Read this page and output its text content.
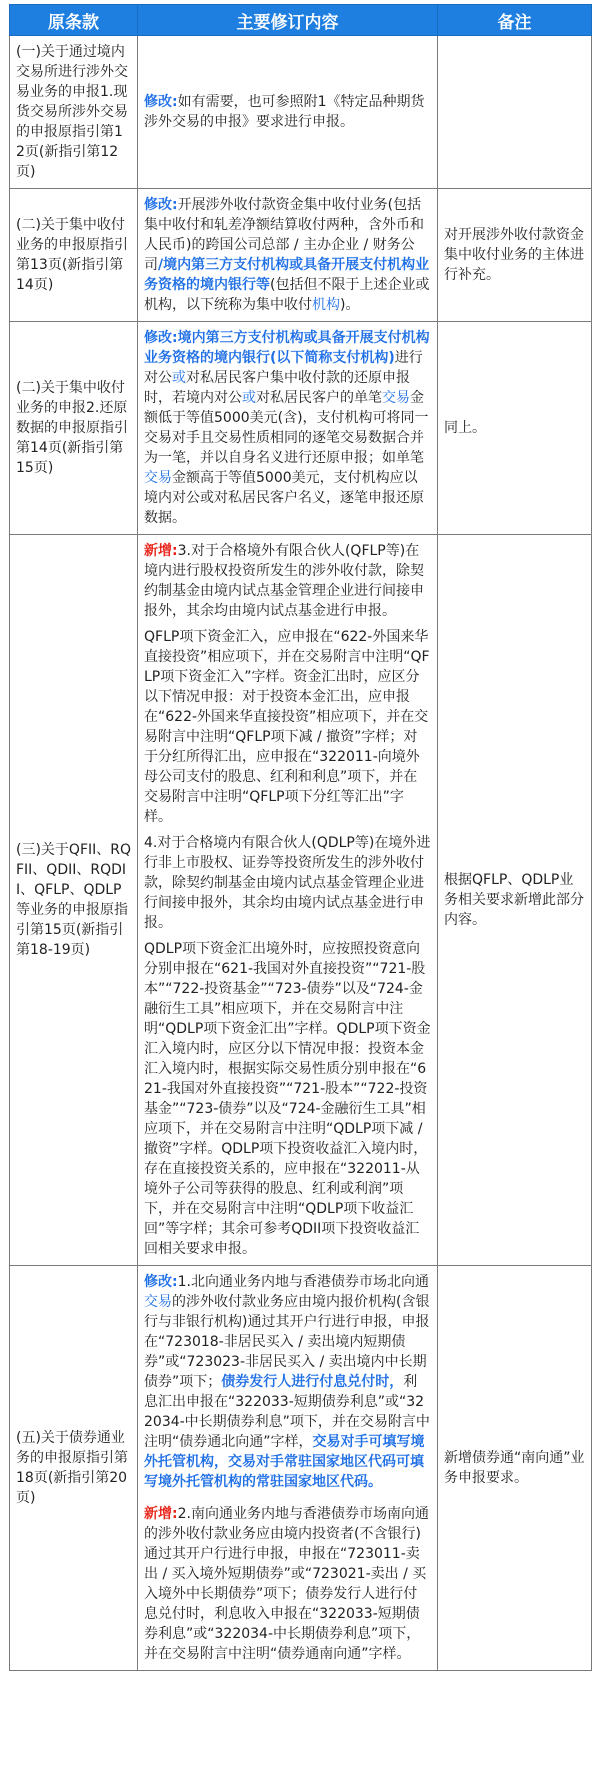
原条款	主要修订内容	备注
(一)关于通过境内交易所进行涉外交易业务的申报1.现货交易所涉外交易的申报原指引第12页(新指引第12页)	修改:如有需要，也可参照附1《特定品种期货涉外交易的申报》要求进行申报。	
(二)关于集中收付业务的申报原指引第13页(新指引第14页)	修改:开展涉外收付款资金集中收付业务(包括集中收付和轧差净额结算收付两种，含外币和人民币)的跨国公司总部 / 主办企业 / 财务公司/境内第三方支付机构或具备开展支付机构业务资格的境内银行等(包括但不限于上述企业或机构，以下统称为集中收付机构)。	对开展涉外收付款资金集中收付业务的主体进行补充。
(二)关于集中收付业务的申报2.还原数据的申报原指引第14页(新指引第15页)	修改:境内第三方支付机构或具备开展支付机构业务资格的境内银行(以下简称支付机构)进行对公或对私居民客户集中收付款的还原申报时，若境内对公或对私居民客户的单笔交易金额低于等值5000美元(含)，支付机构可将同一交易对手且交易性质相同的逐笔交易数据合并为一笔，并以自身名义进行还原申报；如单笔交易金额高于等值5000美元，支付机构应以境内对公或对私居民客户名义，逐笔申报还原数据。	同上。
(三)关于QFII、RQFII、QDII、RQDII、QFLP、QDLP等业务的申报原指引第15页(新指引第18-19页)	新增:3.对于合格境外有限合伙人(QFLP等)在境内进行股权投资所发生的涉外收付款，除契约制基金由境内试点基金管理企业进行间接申报外，其余均由境内试点基金进行申报。

QFLP项下资金汇入，应申报在“622-外国来华直接投资”相应项下，并在交易附言中注明“QFLP项下资金汇入”字样。资金汇出时，应区分以下情况申报：对于投资本金汇出，应申报在“622-外国来华直接投资”相应项下，并在交易附言中注明“QFLP项下减 / 撤资”字样；对于分红所得汇出，应申报在“322011-向境外母公司支付的股息、红利和利息”项下，并在交易附言中注明“QFLP项下分红等汇出”字样。

4.对于合格境内有限合伙人(QDLP等)在境外进行非上市股权、证券等投资所发生的涉外收付款，除契约制基金由境内试点基金管理企业进行间接申报外，其余均由境内试点基金进行申报。

QDLP项下资金汇出境外时，应按照投资意向分别申报在“621-我国对外直接投资”“721-股本”“722-投资基金”“723-债券”以及“724-金融衍生工具”相应项下，并在交易附言中注明“QDLP项下资金汇出”字样。QDLP项下资金汇入境内时，应区分以下情况申报：投资本金汇入境内时，根据实际交易性质分别申报在“621-我国对外直接投资”“721-股本”“722-投资基金”“723-债券”以及“724-金融衍生工具”相应项下，并在交易附言中注明“QDLP项下减 / 撤资”字样。QDLP项下投资收益汇入境内时，存在直接投资关系的，应申报在“322011-从境外子公司等获得的股息、红利或利润”项下，并在交易附言中注明“QDLP项下收益汇回”等字样；其余可参考QDII项下投资收益汇回相关要求申报。	根据QFLP、QDLP业务相关要求新增此部分内容。
(五)关于债券通业务的申报原指引第18页(新指引第20页)	修改:1.北向通业务内地与香港债券市场北向通交易的涉外收付款业务应由境内报价机构(含银行与非银行机构)通过其开户行进行申报，申报在“723018-非居民买入 / 卖出境内短期债券”或“723023-非居民买入 / 卖出境内中长期债券”项下；债券发行人进行付息兑付时，利息汇出申报在“322033-短期债券利息”或“322034-中长期债券利息”项下，并在交易附言中注明“债券通北向通”字样，交易对手可填写境外托管机构，交易对手常驻国家地区代码可填写境外托管机构的常驻国家地区代码。

新增:2.南向通业务内地与香港债券市场南向通的涉外收付款业务应由境内投资者(不含银行)通过其开户行进行申报，申报在“723011-卖出 / 买入境外短期债券”或“723021-卖出 / 买入境外中长期债券”项下；债券发行人进行付息兑付时，利息收入申报在“322033-短期债券利息”或“322034-中长期债券利息”项下，并在交易附言中注明“债券通南向通”字样。	新增债券通“南向通”业务申报要求。
